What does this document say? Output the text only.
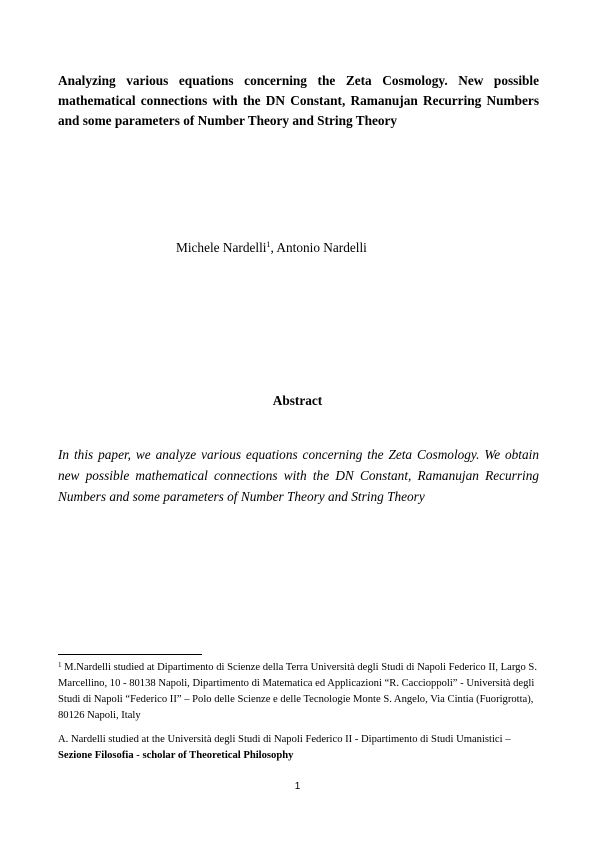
Analyzing various equations concerning the Zeta Cosmology. New possible mathematical connections with the DN Constant, Ramanujan Recurring Numbers and some parameters of Number Theory and String Theory

Michele Nardelli$^1$, Antonio Nardelli
Abstract

In this paper, we analyze various equations concerning the Zeta Cosmology. We obtain new possible mathematical connections with the DN Constant, Ramanujan Recurring Numbers and some parameters of Number Theory and String Theory

$^1$ M.Nardelli studied at Dipartimento di Scienze della Terra Università degli Studi di Napoli Federico II, Largo S. Marcellino, 10 - 80138 Napoli, Dipartimento di Matematica ed Applicazioni “R. Caccioppoli” - Università degli Studi di Napoli “Federico II” – Polo delle Scienze e delle Tecnologie Monte S. Angelo, Via Cintia (Fuorigrotta), 80126 Napoli, Italy

A. Nardelli studied at the Università degli Studi di Napoli Federico II - Dipartimento di Studi Umanistici – Sezione Filosofia - scholar of Theoretical Philosophy

1
